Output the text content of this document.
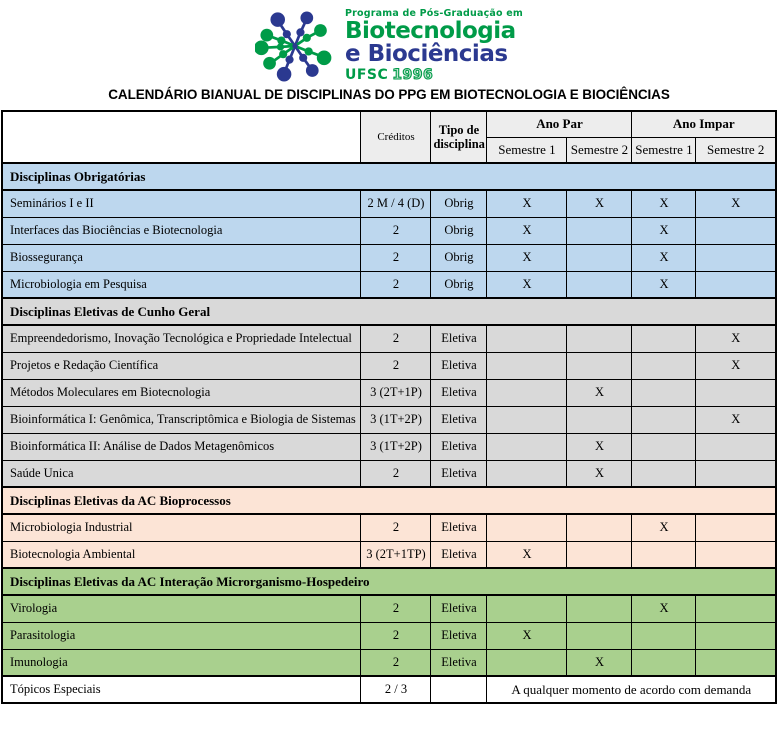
Programa de Pós-Graduação em
Biotecnologia
e Biociências
UFSC 1996
CALENDÁRIO BIANUAL DE DISCIPLINAS DO PPG EM BIOTECNOLOGIA E BIOCIÊNCIAS
	Créditos	Tipo de disciplina	Ano Par		Ano Impar	
			Semestre 1	Semestre 2	Semestre 1	Semestre 2
Disciplinas Obrigatórias						
Seminários I e II	2 M / 4 (D)	Obrig	X	X	X	X
Interfaces das Biociências e Biotecnologia	2	Obrig	X		X	
Biossegurança	2	Obrig	X		X	
Microbiologia em Pesquisa	2	Obrig	X		X	
Disciplinas Eletivas de Cunho Geral						
Empreendedorismo, Inovação Tecnológica e Propriedade Intelectual	2	Eletiva				X
Projetos e Redação Científica	2	Eletiva				X
Métodos Moleculares em Biotecnologia	3 (2T+1P)	Eletiva		X		
Bioinformática I: Genômica, Transcriptômica e Biologia de Sistemas	3 (1T+2P)	Eletiva				X
Bioinformática II: Análise de Dados Metagenômicos	3 (1T+2P)	Eletiva		X		
Saúde Unica	2	Eletiva		X		
Disciplinas Eletivas da AC Bioprocessos						
Microbiologia Industrial	2	Eletiva			X	
Biotecnologia Ambiental	3 (2T+1TP)	Eletiva	X			
Disciplinas Eletivas da AC Interação Microrganismo-Hospedeiro						
Virologia	2	Eletiva			X	
Parasitologia	2	Eletiva	X			
Imunologia	2	Eletiva		X		
Tópicos Especiais	2 / 3		A qualquer momento de acordo com demanda			
